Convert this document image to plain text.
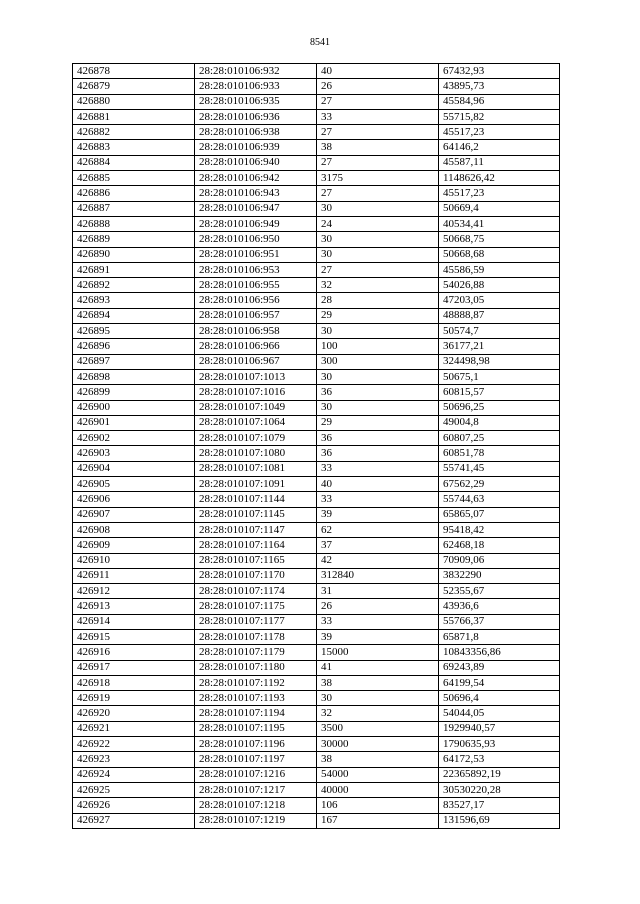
8541
426878	28:28:010106:932	40	67432,93
426879	28:28:010106:933	26	43895,73
426880	28:28:010106:935	27	45584,96
426881	28:28:010106:936	33	55715,82
426882	28:28:010106:938	27	45517,23
426883	28:28:010106:939	38	64146,2
426884	28:28:010106:940	27	45587,11
426885	28:28:010106:942	3175	1148626,42
426886	28:28:010106:943	27	45517,23
426887	28:28:010106:947	30	50669,4
426888	28:28:010106:949	24	40534,41
426889	28:28:010106:950	30	50668,75
426890	28:28:010106:951	30	50668,68
426891	28:28:010106:953	27	45586,59
426892	28:28:010106:955	32	54026,88
426893	28:28:010106:956	28	47203,05
426894	28:28:010106:957	29	48888,87
426895	28:28:010106:958	30	50574,7
426896	28:28:010106:966	100	36177,21
426897	28:28:010106:967	300	324498,98
426898	28:28:010107:1013	30	50675,1
426899	28:28:010107:1016	36	60815,57
426900	28:28:010107:1049	30	50696,25
426901	28:28:010107:1064	29	49004,8
426902	28:28:010107:1079	36	60807,25
426903	28:28:010107:1080	36	60851,78
426904	28:28:010107:1081	33	55741,45
426905	28:28:010107:1091	40	67562,29
426906	28:28:010107:1144	33	55744,63
426907	28:28:010107:1145	39	65865,07
426908	28:28:010107:1147	62	95418,42
426909	28:28:010107:1164	37	62468,18
426910	28:28:010107:1165	42	70909,06
426911	28:28:010107:1170	312840	3832290
426912	28:28:010107:1174	31	52355,67
426913	28:28:010107:1175	26	43936,6
426914	28:28:010107:1177	33	55766,37
426915	28:28:010107:1178	39	65871,8
426916	28:28:010107:1179	15000	10843356,86
426917	28:28:010107:1180	41	69243,89
426918	28:28:010107:1192	38	64199,54
426919	28:28:010107:1193	30	50696,4
426920	28:28:010107:1194	32	54044,05
426921	28:28:010107:1195	3500	1929940,57
426922	28:28:010107:1196	30000	1790635,93
426923	28:28:010107:1197	38	64172,53
426924	28:28:010107:1216	54000	22365892,19
426925	28:28:010107:1217	40000	30530220,28
426926	28:28:010107:1218	106	83527,17
426927	28:28:010107:1219	167	131596,69
